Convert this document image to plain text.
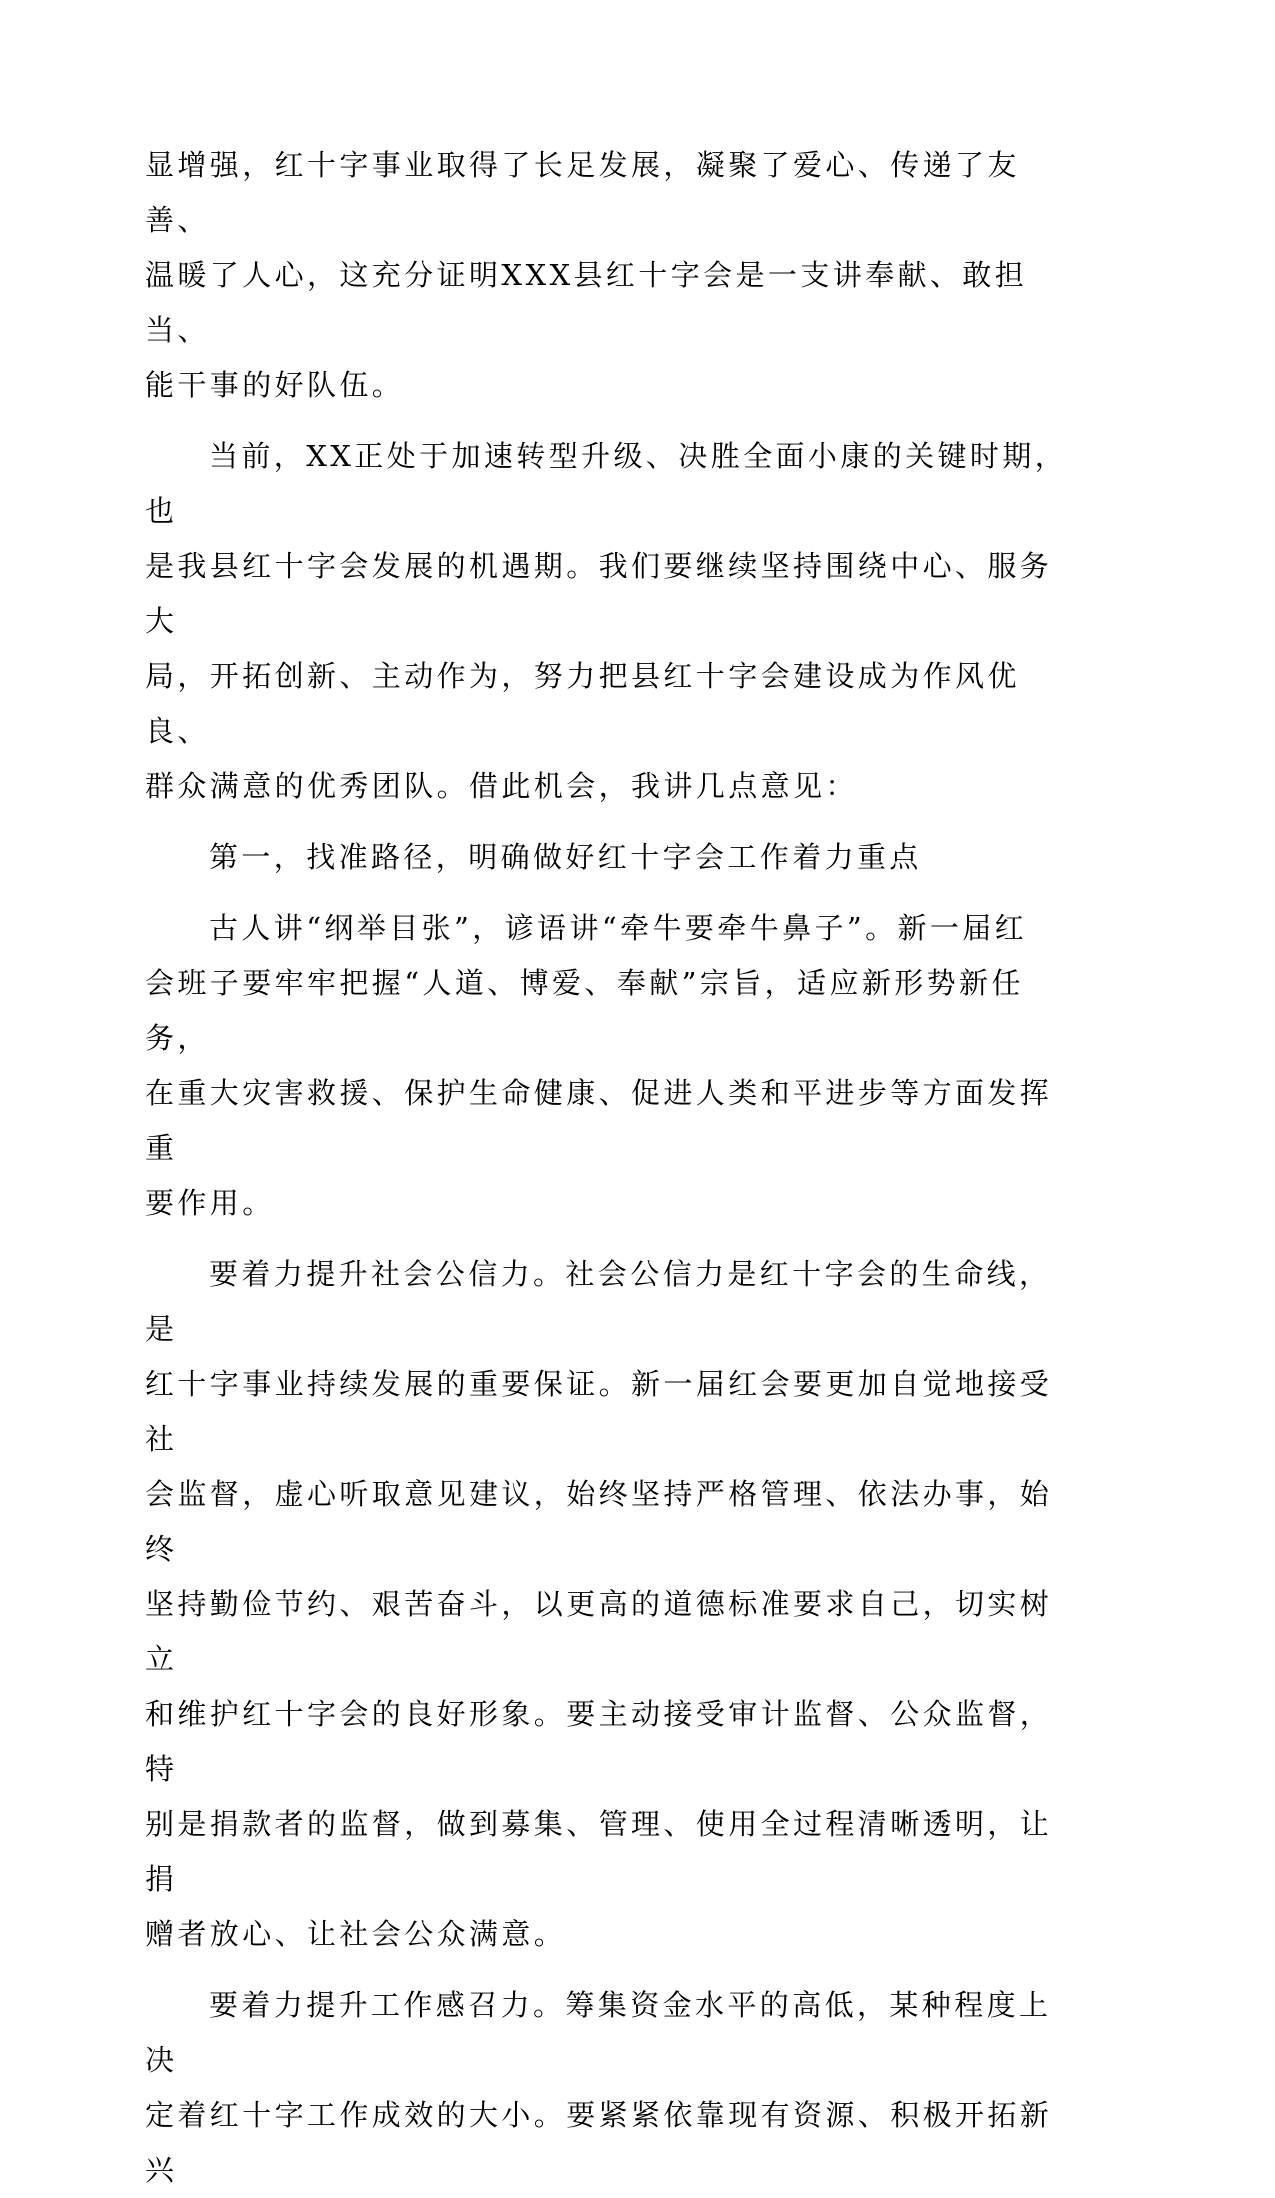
显增强，红十字事业取得了长足发展，凝聚了爱心、传递了友善、
温暖了人心，这充分证明XXX县红十字会是一支讲奉献、敢担当、
能干事的好队伍。
当前，XX正处于加速转型升级、决胜全面小康的关键时期，也
是我县红十字会发展的机遇期。我们要继续坚持围绕中心、服务大
局，开拓创新、主动作为，努力把县红十字会建设成为作风优良、
群众满意的优秀团队。借此机会，我讲几点意见：
第一，找准路径，明确做好红十字会工作着力重点
古人讲“纲举目张”，谚语讲“牵牛要牵牛鼻子”。新一届红
会班子要牢牢把握“人道、博爱、奉献”宗旨，适应新形势新任务，
在重大灾害救援、保护生命健康、促进人类和平进步等方面发挥重
要作用。
要着力提升社会公信力。社会公信力是红十字会的生命线，是
红十字事业持续发展的重要保证。新一届红会要更加自觉地接受社
会监督，虚心听取意见建议，始终坚持严格管理、依法办事，始终
坚持勤俭节约、艰苦奋斗，以更高的道德标准要求自己，切实树立
和维护红十字会的良好形象。要主动接受审计监督、公众监督，特
别是捐款者的监督，做到募集、管理、使用全过程清晰透明，让捐
赠者放心、让社会公众满意。
要着力提升工作感召力。筹集资金水平的高低，某种程度上决
定着红十字工作成效的大小。要紧紧依靠现有资源、积极开拓新兴
